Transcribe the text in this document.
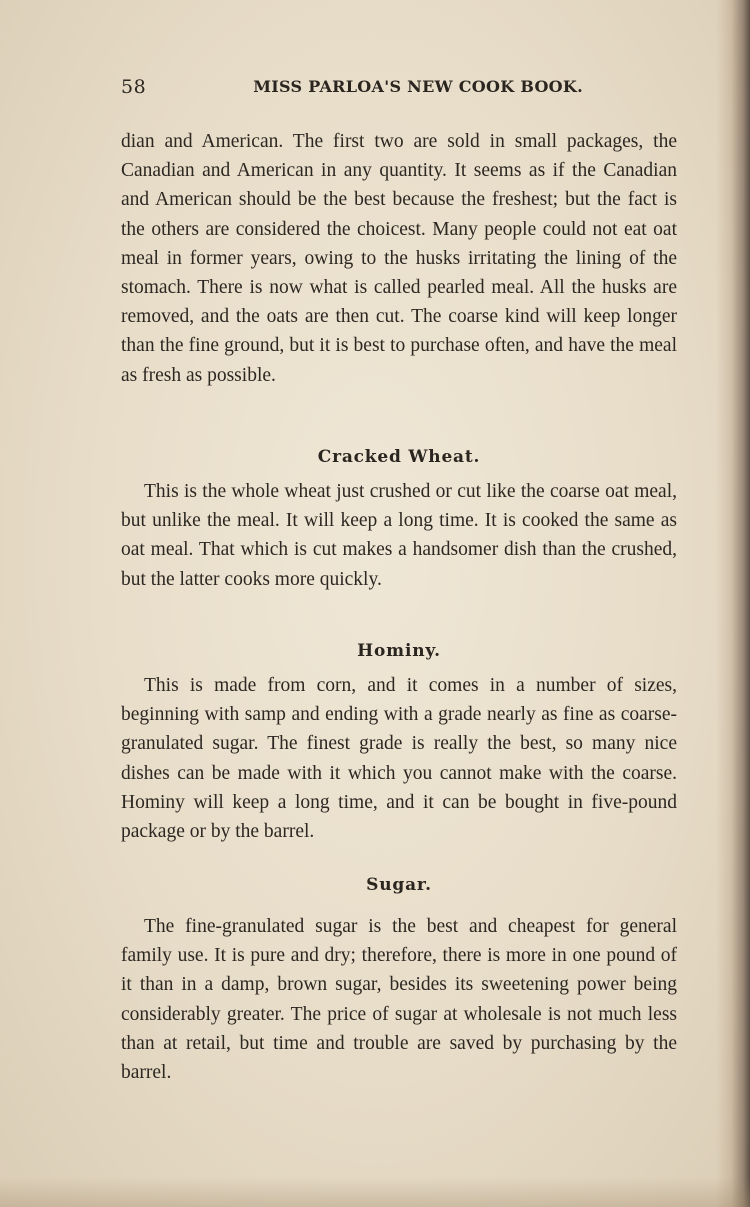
58	MISS PARLOA'S NEW COOK BOOK.

dian and American. The first two are sold in small packages, the Canadian and American in any quantity. It seems as if the Canadian and American should be the best because the freshest; but the fact is the others are considered the choicest. Many people could not eat oat meal in former years, owing to the husks irritating the lining of the stomach. There is now what is called pearled meal. All the husks are removed, and the oats are then cut. The coarse kind will keep longer than the fine ground, but it is best to purchase often, and have the meal as fresh as possible.

Cracked Wheat.

This is the whole wheat just crushed or cut like the coarse oat meal, but unlike the meal. It will keep a long time. It is cooked the same as oat meal. That which is cut makes a handsomer dish than the crushed, but the latter cooks more quickly.

Hominy.

This is made from corn, and it comes in a number of sizes, beginning with samp and ending with a grade nearly as fine as coarse-granulated sugar. The finest grade is really the best, so many nice dishes can be made with it which you cannot make with the coarse. Hominy will keep a long time, and it can be bought in five-pound package or by the barrel.

Sugar.

The fine-granulated sugar is the best and cheapest for general family use. It is pure and dry; therefore, there is more in one pound of it than in a damp, brown sugar, besides its sweetening power being considerably greater. The price of sugar at wholesale is not much less than at retail, but time and trouble are saved by purchasing by the barrel.
